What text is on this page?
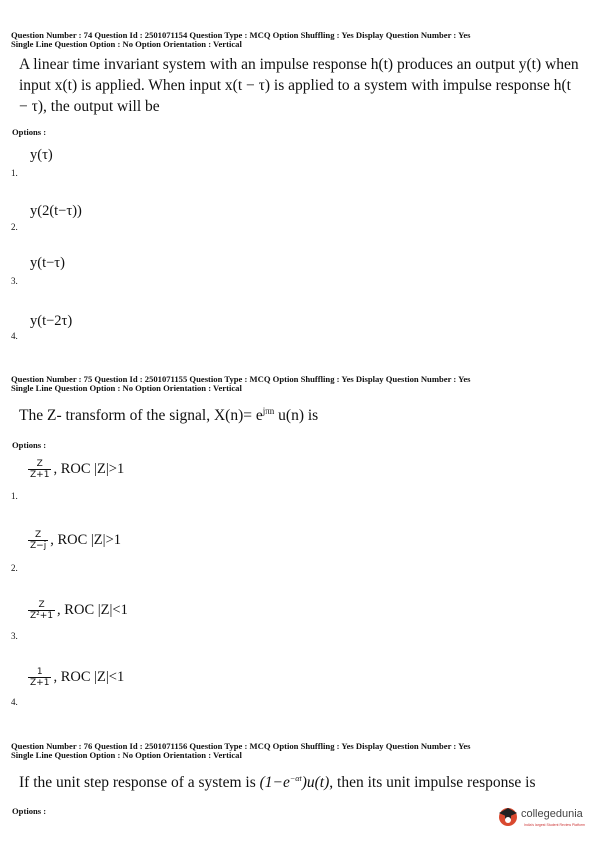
Question Number : 74 Question Id : 2501071154 Question Type : MCQ Option Shuffling : Yes Display Question Number : Yes
Single Line Question Option : No Option Orientation : Vertical
A linear time invariant system with an impulse response h(t) produces an output y(t) when input x(t) is applied. When input x(t − τ) is applied to a system with impulse response h(t − τ), the output will be
Options :
y(τ)
1.
y(2(t−τ))
2.
y(t−τ)
3.
y(t−2τ)
4.
Question Number : 75 Question Id : 2501071155 Question Type : MCQ Option Shuffling : Yes Display Question Number : Yes
Single Line Question Option : No Option Orientation : Vertical
The Z- transform of the signal, $X(n)= e^{j\pi n}$ u(n) is
Options :
$\frac{Z}{Z+1}$ , ROC |Z|>1
1.
$\frac{Z}{Z-j}$ , ROC |Z|>1
2.
$\frac{Z}{\text{Z²+1}}$ , ROC |Z|<1
3.
$\frac{1}{Z+1}$ , ROC |Z|<1
4.
Question Number : 76 Question Id : 2501071156 Question Type : MCQ Option Shuffling : Yes Display Question Number : Yes
Single Line Question Option : No Option Orientation : Vertical
If the unit step response of a system is $(1-e^{-\alpha t})u(t)$, then its unit impulse response is
Options :	collegedunia
India's largest Student Review Platform
